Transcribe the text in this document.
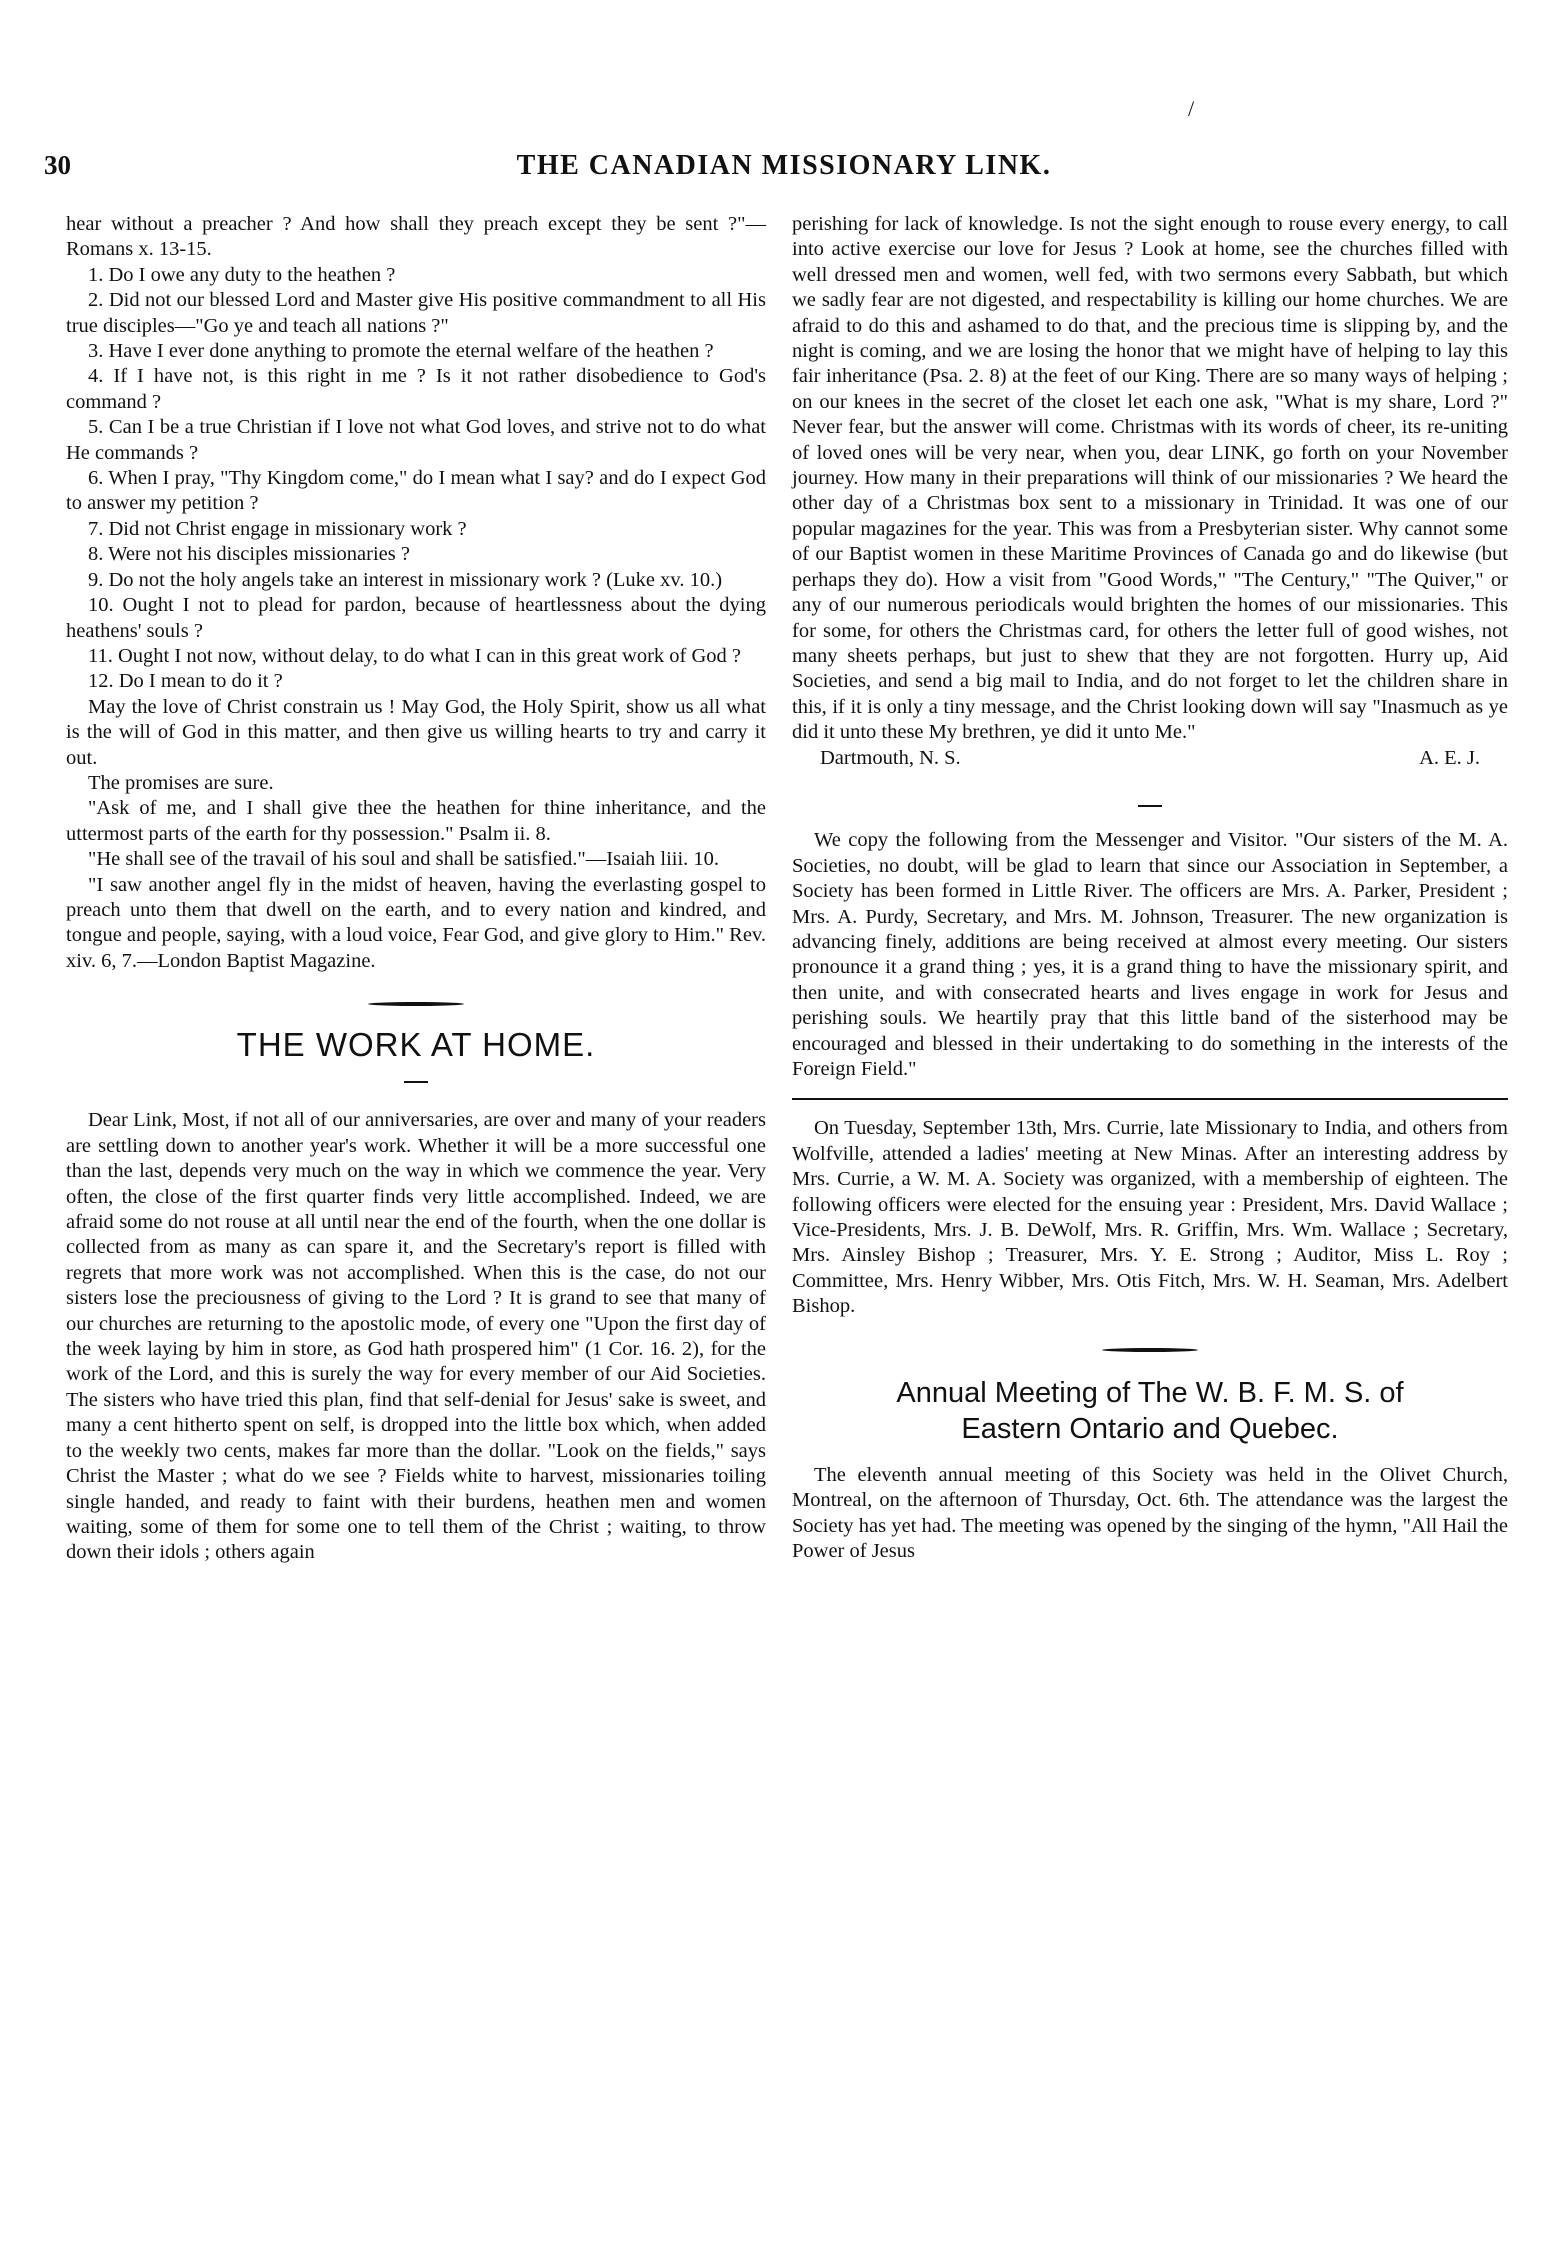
/
30	THE CANADIAN MISSIONARY LINK.

hear without a preacher ? And how shall they preach except they be sent ?"—Romans x. 13-15.

1. Do I owe any duty to the heathen ?

2. Did not our blessed Lord and Master give His positive commandment to all His true disciples—"Go ye and teach all nations ?"

3. Have I ever done anything to promote the eternal welfare of the heathen ?

4. If I have not, is this right in me ? Is it not rather disobedience to God's command ?

5. Can I be a true Christian if I love not what God loves, and strive not to do what He commands ?

6. When I pray, "Thy Kingdom come," do I mean what I say? and do I expect God to answer my petition ?

7. Did not Christ engage in missionary work ?

8. Were not his disciples missionaries ?

9. Do not the holy angels take an interest in missionary work ? (Luke xv. 10.)

10. Ought I not to plead for pardon, because of heartlessness about the dying heathens' souls ?

11. Ought I not now, without delay, to do what I can in this great work of God ?

12. Do I mean to do it ?

May the love of Christ constrain us ! May God, the Holy Spirit, show us all what is the will of God in this matter, and then give us willing hearts to try and carry it out.

The promises are sure.

"Ask of me, and I shall give thee the heathen for thine inheritance, and the uttermost parts of the earth for thy possession." Psalm ii. 8.

"He shall see of the travail of his soul and shall be satisfied."—Isaiah liii. 10.

"I saw another angel fly in the midst of heaven, having the everlasting gospel to preach unto them that dwell on the earth, and to every nation and kindred, and tongue and people, saying, with a loud voice, Fear God, and give glory to Him." Rev. xiv. 6, 7.—London Baptist Magazine.

THE WORK AT HOME.

Dear Link, Most, if not all of our anniversaries, are over and many of your readers are settling down to another year's work. Whether it will be a more successful one than the last, depends very much on the way in which we commence the year. Very often, the close of the first quarter finds very little accomplished. Indeed, we are afraid some do not rouse at all until near the end of the fourth, when the one dollar is collected from as many as can spare it, and the Secretary's report is filled with regrets that more work was not accomplished. When this is the case, do not our sisters lose the preciousness of giving to the Lord ? It is grand to see that many of our churches are returning to the apostolic mode, of every one "Upon the first day of the week laying by him in store, as God hath prospered him" (1 Cor. 16. 2), for the work of the Lord, and this is surely the way for every member of our Aid Societies. The sisters who have tried this plan, find that self-denial for Jesus' sake is sweet, and many a cent hitherto spent on self, is dropped into the little box which, when added to the weekly two cents, makes far more than the dollar. "Look on the fields," says Christ the Master ; what do we see ? Fields white to harvest, missionaries toiling single handed, and ready to faint with their burdens, heathen men and women waiting, some of them for some one to tell them of the Christ ; waiting, to throw down their idols ; others again

perishing for lack of knowledge. Is not the sight enough to rouse every energy, to call into active exercise our love for Jesus ? Look at home, see the churches filled with well dressed men and women, well fed, with two sermons every Sabbath, but which we sadly fear are not digested, and respectability is killing our home churches. We are afraid to do this and ashamed to do that, and the precious time is slipping by, and the night is coming, and we are losing the honor that we might have of helping to lay this fair inheritance (Psa. 2. 8) at the feet of our King. There are so many ways of helping ; on our knees in the secret of the closet let each one ask, "What is my share, Lord ?" Never fear, but the answer will come. Christmas with its words of cheer, its re-uniting of loved ones will be very near, when you, dear LINK, go forth on your November journey. How many in their preparations will think of our missionaries ? We heard the other day of a Christmas box sent to a missionary in Trinidad. It was one of our popular magazines for the year. This was from a Presbyterian sister. Why cannot some of our Baptist women in these Maritime Provinces of Canada go and do likewise (but perhaps they do). How a visit from "Good Words," "The Century," "The Quiver," or any of our numerous periodicals would brighten the homes of our missionaries. This for some, for others the Christmas card, for others the letter full of good wishes, not many sheets perhaps, but just to shew that they are not forgotten. Hurry up, Aid Societies, and send a big mail to India, and do not forget to let the children share in this, if it is only a tiny message, and the Christ looking down will say "Inasmuch as ye did it unto these My brethren, ye did it unto Me."

Dartmouth, N. S.	A. E. J.

We copy the following from the Messenger and Visitor. "Our sisters of the M. A. Societies, no doubt, will be glad to learn that since our Association in September, a Society has been formed in Little River. The officers are Mrs. A. Parker, President ; Mrs. A. Purdy, Secretary, and Mrs. M. Johnson, Treasurer. The new organization is advancing finely, additions are being received at almost every meeting. Our sisters pronounce it a grand thing ; yes, it is a grand thing to have the missionary spirit, and then unite, and with consecrated hearts and lives engage in work for Jesus and perishing souls. We heartily pray that this little band of the sisterhood may be encouraged and blessed in their undertaking to do something in the interests of the Foreign Field."

On Tuesday, September 13th, Mrs. Currie, late Missionary to India, and others from Wolfville, attended a ladies' meeting at New Minas. After an interesting address by Mrs. Currie, a W. M. A. Society was organized, with a membership of eighteen. The following officers were elected for the ensuing year : President, Mrs. David Wallace ; Vice-Presidents, Mrs. J. B. DeWolf, Mrs. R. Griffin, Mrs. Wm. Wallace ; Secretary, Mrs. Ainsley Bishop ; Treasurer, Mrs. Y. E. Strong ; Auditor, Miss L. Roy ; Committee, Mrs. Henry Wibber, Mrs. Otis Fitch, Mrs. W. H. Seaman, Mrs. Adelbert Bishop.

Annual Meeting of The W. B. F. M. S. of
Eastern Ontario and Quebec.

The eleventh annual meeting of this Society was held in the Olivet Church, Montreal, on the afternoon of Thursday, Oct. 6th. The attendance was the largest the Society has yet had. The meeting was opened by the singing of the hymn, "All Hail the Power of Jesus
